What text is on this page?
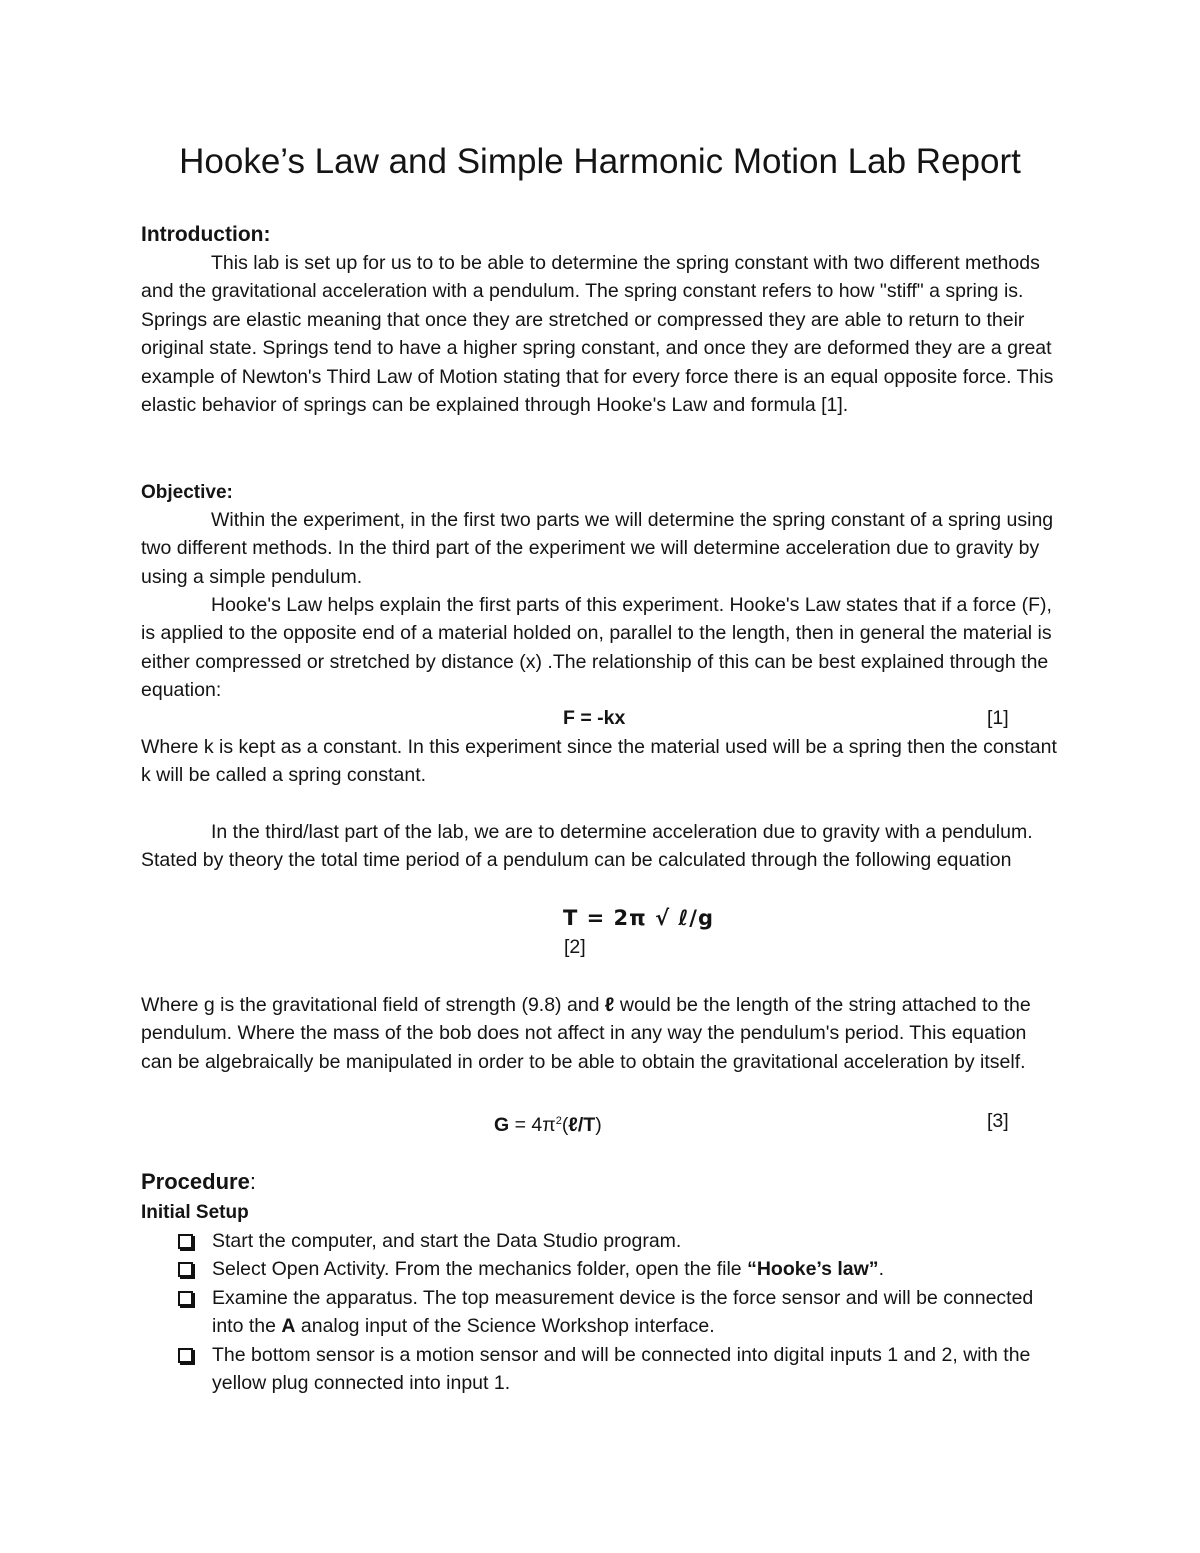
Hooke’s Law and Simple Harmonic Motion Lab Report
Introduction:

This lab is set up for us to to be able to determine the spring constant with two different methods and the gravitational acceleration with a pendulum. The spring constant refers to how "stiff" a spring is. Springs are elastic meaning that once they are stretched or compressed they are able to return to their original state. Springs tend to have a higher spring constant, and once they are deformed they are a great example of Newton's Third Law of Motion stating that for every force there is an equal opposite force. This elastic behavior of springs can be explained through Hooke's Law and formula [1].

Objective:

Within the experiment, in the first two parts we will determine the spring constant of a spring using two different methods. In the third part of the experiment we will determine acceleration due to gravity by using a simple pendulum.

Hooke's Law helps explain the first parts of this experiment. Hooke's Law states that if a force (F), is applied to the opposite end of a material holded on, parallel to the length, then in general the material is either compressed or stretched by distance (x) .The relationship of this can be best explained through the equation:

F = -kx	[1]

Where k is kept as a constant. In this experiment since the material used will be a spring then the constant k will be called a spring constant.

In the third/last part of the lab, we are to determine acceleration due to gravity with a pendulum. Stated by theory the total time period of a pendulum can be calculated through the following equation

T = 2π √ ℓ/g
[2]

Where g is the gravitational field of strength (9.8) and ℓ would be the length of the string attached to the pendulum. Where the mass of the bob does not affect in any way the pendulum's period. This equation can be algebraically be manipulated in order to be able to obtain the gravitational acceleration by itself.

$G = 4\pi^2(\ell/T)$	[3]
Procedure:
Initial Setup
Start the computer, and start the Data Studio program.
Select Open Activity. From the mechanics folder, open the file “Hooke’s law”.
Examine the apparatus. The top measurement device is the force sensor and will be connected into the A analog input of the Science Workshop interface.
The bottom sensor is a motion sensor and will be connected into digital inputs 1 and 2, with the yellow plug connected into input 1.
